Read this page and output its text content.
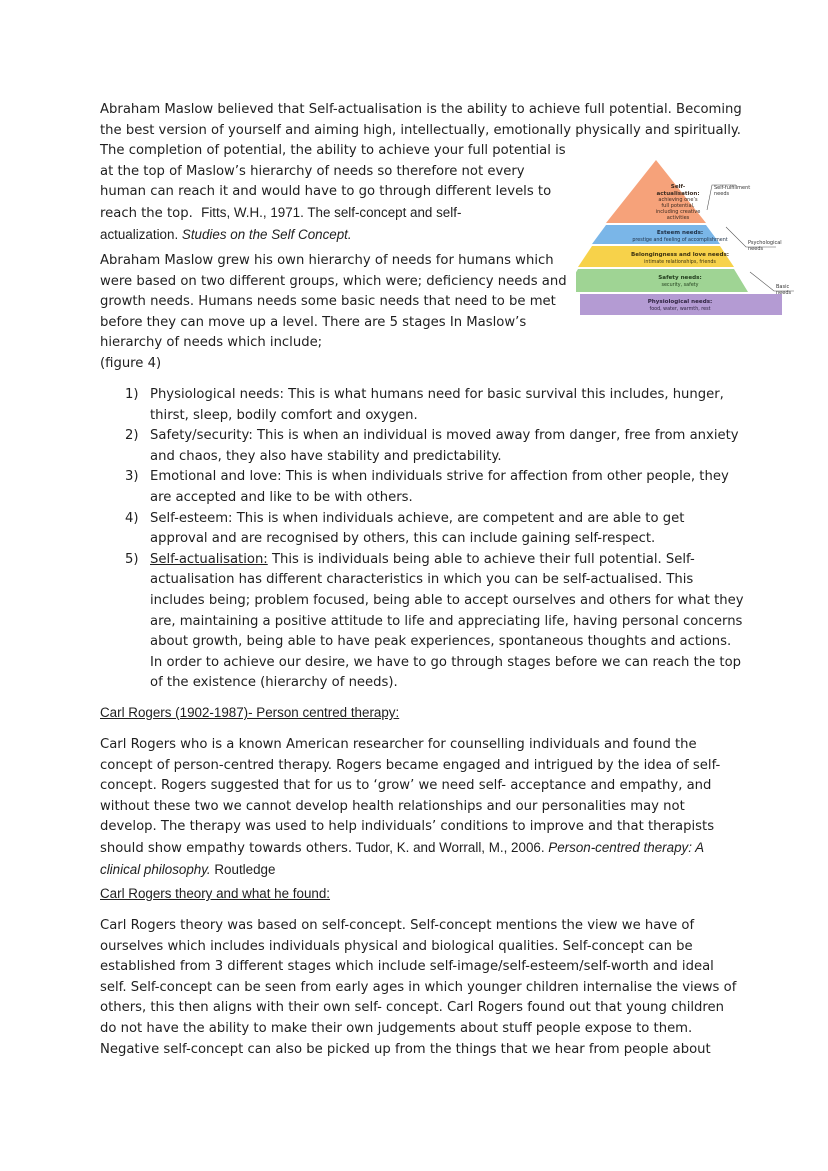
Abraham Maslow believed that Self-actualisation is the ability to achieve full potential. Becoming
the best version of yourself and aiming high, intellectually, emotionally physically and spiritually.
The completion of potential, the ability to achieve your full potential is
at the top of Maslow’s hierarchy of needs so therefore not every
human can reach it and would have to go through different levels to
reach the top. Fitts, W.H., 1971. The self-concept and self-
actualization. Studies on the Self Concept.
Abraham Maslow grew his own hierarchy of needs for humans which
were based on two different groups, which were; deficiency needs and
growth needs. Humans needs some basic needs that need to be met
before they can move up a level. There are 5 stages In Maslow’s
hierarchy of needs which include;
(figure 4)
Self-
actualisation:
achieving one’s
full potential,
including creative
activities
Esteem needs:
prestige and feeling of accomplishment
Belongingness and love needs:
intimate relationships, friends
Safety needs:
security, safety
Physiological needs:
food, water, warmth, rest
Self-fulfillment
needs
Psychological
needs
Basic
needs
1) Physiological needs: This is what humans need for basic survival this includes, hunger,
thirst, sleep, bodily comfort and oxygen.
2) Safety/security: This is when an individual is moved away from danger, free from anxiety
and chaos, they also have stability and predictability.
3) Emotional and love: This is when individuals strive for affection from other people, they
are accepted and like to be with others.
4) Self-esteem: This is when individuals achieve, are competent and are able to get
approval and are recognised by others, this can include gaining self-respect.
5) Self-actualisation: This is individuals being able to achieve their full potential. Self-
actualisation has different characteristics in which you can be self-actualised. This
includes being; problem focused, being able to accept ourselves and others for what they
are, maintaining a positive attitude to life and appreciating life, having personal concerns
about growth, being able to have peak experiences, spontaneous thoughts and actions.
In order to achieve our desire, we have to go through stages before we can reach the top
of the existence (hierarchy of needs).
Carl Rogers (1902-1987)- Person centred therapy:
Carl Rogers who is a known American researcher for counselling individuals and found the
concept of person-centred therapy. Rogers became engaged and intrigued by the idea of self-
concept. Rogers suggested that for us to ‘grow’ we need self- acceptance and empathy, and
without these two we cannot develop health relationships and our personalities may not
develop. The therapy was used to help individuals’ conditions to improve and that therapists
should show empathy towards others. Tudor, K. and Worrall, M., 2006. Person-centred therapy: A
clinical philosophy. Routledge
Carl Rogers theory and what he found:
Carl Rogers theory was based on self-concept. Self-concept mentions the view we have of
ourselves which includes individuals physical and biological qualities. Self-concept can be
established from 3 different stages which include self-image/self-esteem/self-worth and ideal
self. Self-concept can be seen from early ages in which younger children internalise the views of
others, this then aligns with their own self- concept. Carl Rogers found out that young children
do not have the ability to make their own judgements about stuff people expose to them.
Negative self-concept can also be picked up from the things that we hear from people about
